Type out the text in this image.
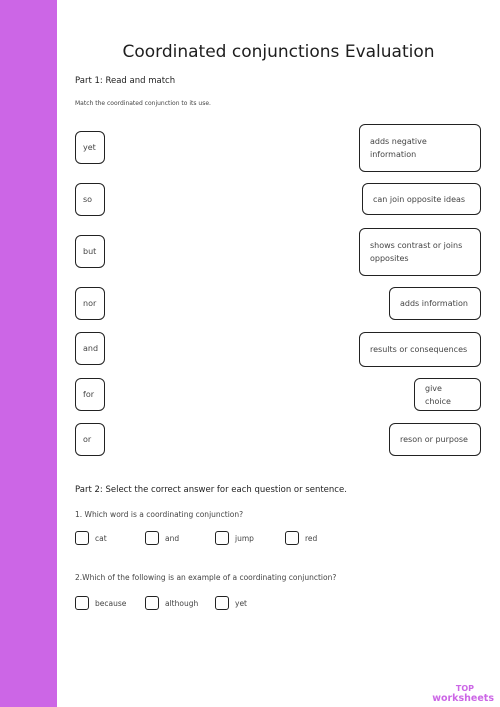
Coordinated conjunctions Evaluation
Part 1: Read and match
Match the coordinated conjunction to its use.
yet
so
but
nor
and
for
or
adds negative information
can join opposite ideas
shows contrast or joins opposites
adds information
results or consequences
give choice
reson or purpose
Part 2: Select the correct answer for each question or sentence.
1. Which word is a coordinating conjunction?
cat	and	jump	red
2.Which of the following is an example of a coordinating conjunction?
because	although	yet
TOP
worksheets
